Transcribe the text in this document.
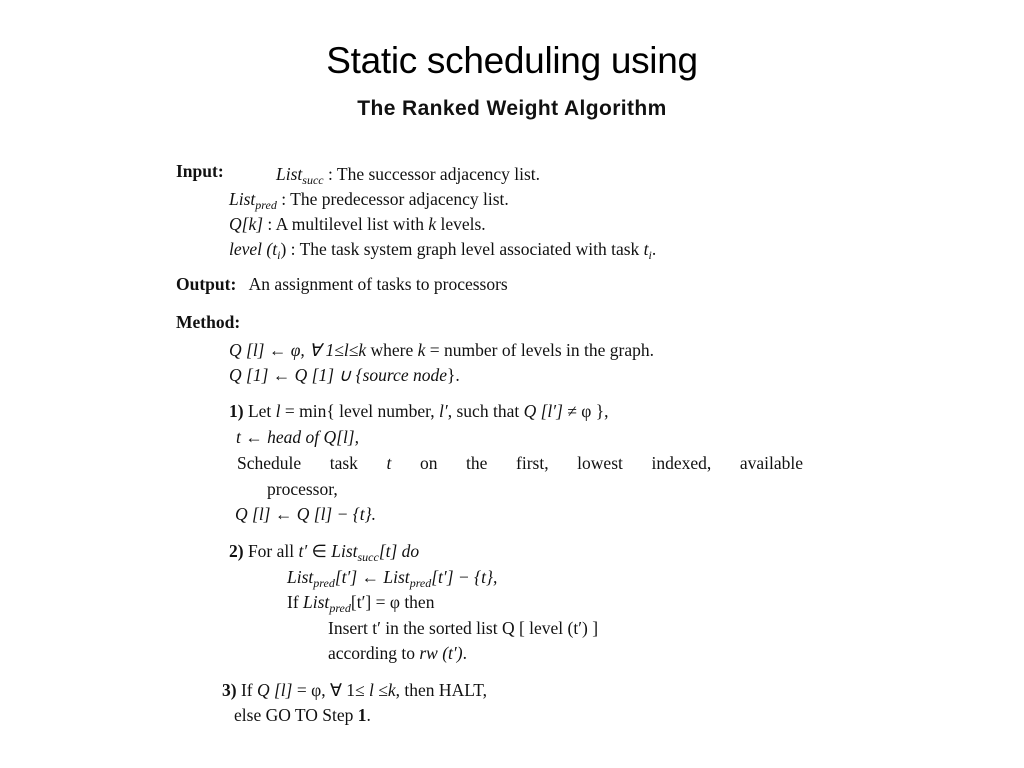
Static scheduling using
The Ranked Weight Algorithm
Input:	List$_{succ}$ : The successor adjacency list.
List$_{pred}$ : The predecessor adjacency list.
Q[k] : A multilevel list with k levels.
level $(t_i)$ : The task system graph level associated with task $t_i$.
Output: An assignment of tasks to processors
Method:
Q [l] ← φ, ∀ 1≤l≤k where k = number of levels in the graph.
Q [1] ← Q [1] ∪ {source node}.
1) Let l = min{ level number, l′, such that Q [l′] ≠ φ },
t ← head of Q[l],
Schedule task t on the first, lowest indexed, available
processor,
Q [l] ← Q [l] − {t}.
2) For all t′ ∈ List$_{succ}$[t] do
List$_{pred}$[t′] ← List$_{pred}$[t′] − {t},
If List$_{pred}$[t′] = φ then
Insert t′ in the sorted list Q [ level (t′) ]
according to rw (t′).
3) If Q [l] = φ, ∀ 1≤ l ≤k, then HALT,
else GO TO Step 1.
